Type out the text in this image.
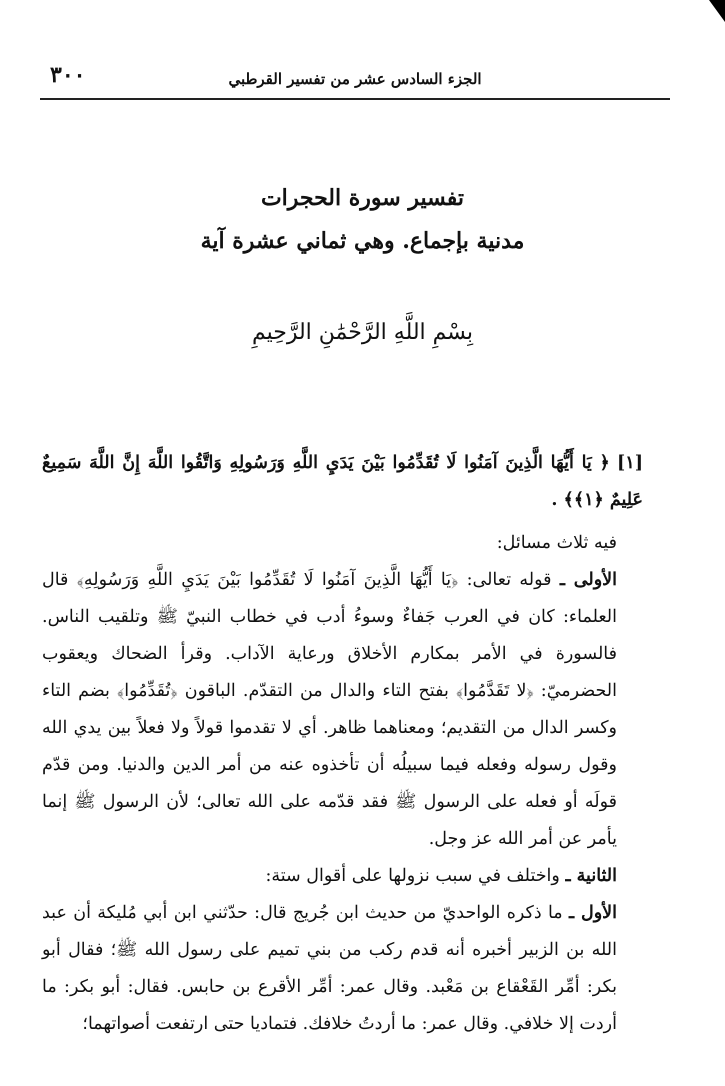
الجزء السادس عشر من تفسير القرطبي
٣٠٠
تفسير سورة الحجرات
مدنية بإجماع. وهي ثماني عشرة آية
بِسْمِ اللَّهِ الرَّحْمَٰنِ الرَّحِيمِ

[١] ﴿ يَا أَيُّهَا الَّذِينَ آمَنُوا لَا تُقَدِّمُوا بَيْنَ يَدَيِ اللَّهِ وَرَسُولِهِ وَاتَّقُوا اللَّهَ إِنَّ اللَّهَ سَمِيعٌ عَلِيمٌ ﴿١﴾﴾ .

فيه ثلاث مسائل:

الأولى ـ قوله تعالى: ﴿يَا أَيُّهَا الَّذِينَ آمَنُوا لَا تُقَدِّمُوا بَيْنَ يَدَيِ اللَّهِ وَرَسُولِهِ﴾ قال العلماء: كان في العرب جَفاءٌ وسوءُ أدب في خطاب النبيّ ﷺ وتلقيب الناس. فالسورة في الأمر بمكارم الأخلاق ورعاية الآداب. وقرأ الضحاك ويعقوب الحضرميّ: ﴿لا تَقَدَّمُوا﴾ بفتح التاء والدال من التقدّم. الباقون ﴿تُقَدِّمُوا﴾ بضم التاء وكسر الدال من التقديم؛ ومعناهما ظاهر. أي لا تقدموا قولاً ولا فعلاً بين يدي الله وقول رسوله وفعله فيما سبيلُه أن تأخذوه عنه من أمر الدين والدنيا. ومن قدّم قولَه أو فعله على الرسول ﷺ فقد قدّمه على الله تعالى؛ لأن الرسول ﷺ إنما يأمر عن أمر الله عز وجل.

الثانية ـ واختلف في سبب نزولها على أقوال ستة:

الأول ـ ما ذكره الواحديّ من حديث ابن جُريج قال: حدّثني ابن أبي مُليكة أن عبد الله بن الزبير أخبره أنه قدم ركب من بني تميم على رسول الله ﷺ؛ فقال أبو بكر: أمِّر القَعْقاع بن مَعْبد. وقال عمر: أمِّر الأقرع بن حابس. فقال: أبو بكر: ما أردت إلا خلافي. وقال عمر: ما أردتُ خلافك. فتماديا حتى ارتفعت أصواتهما؛
